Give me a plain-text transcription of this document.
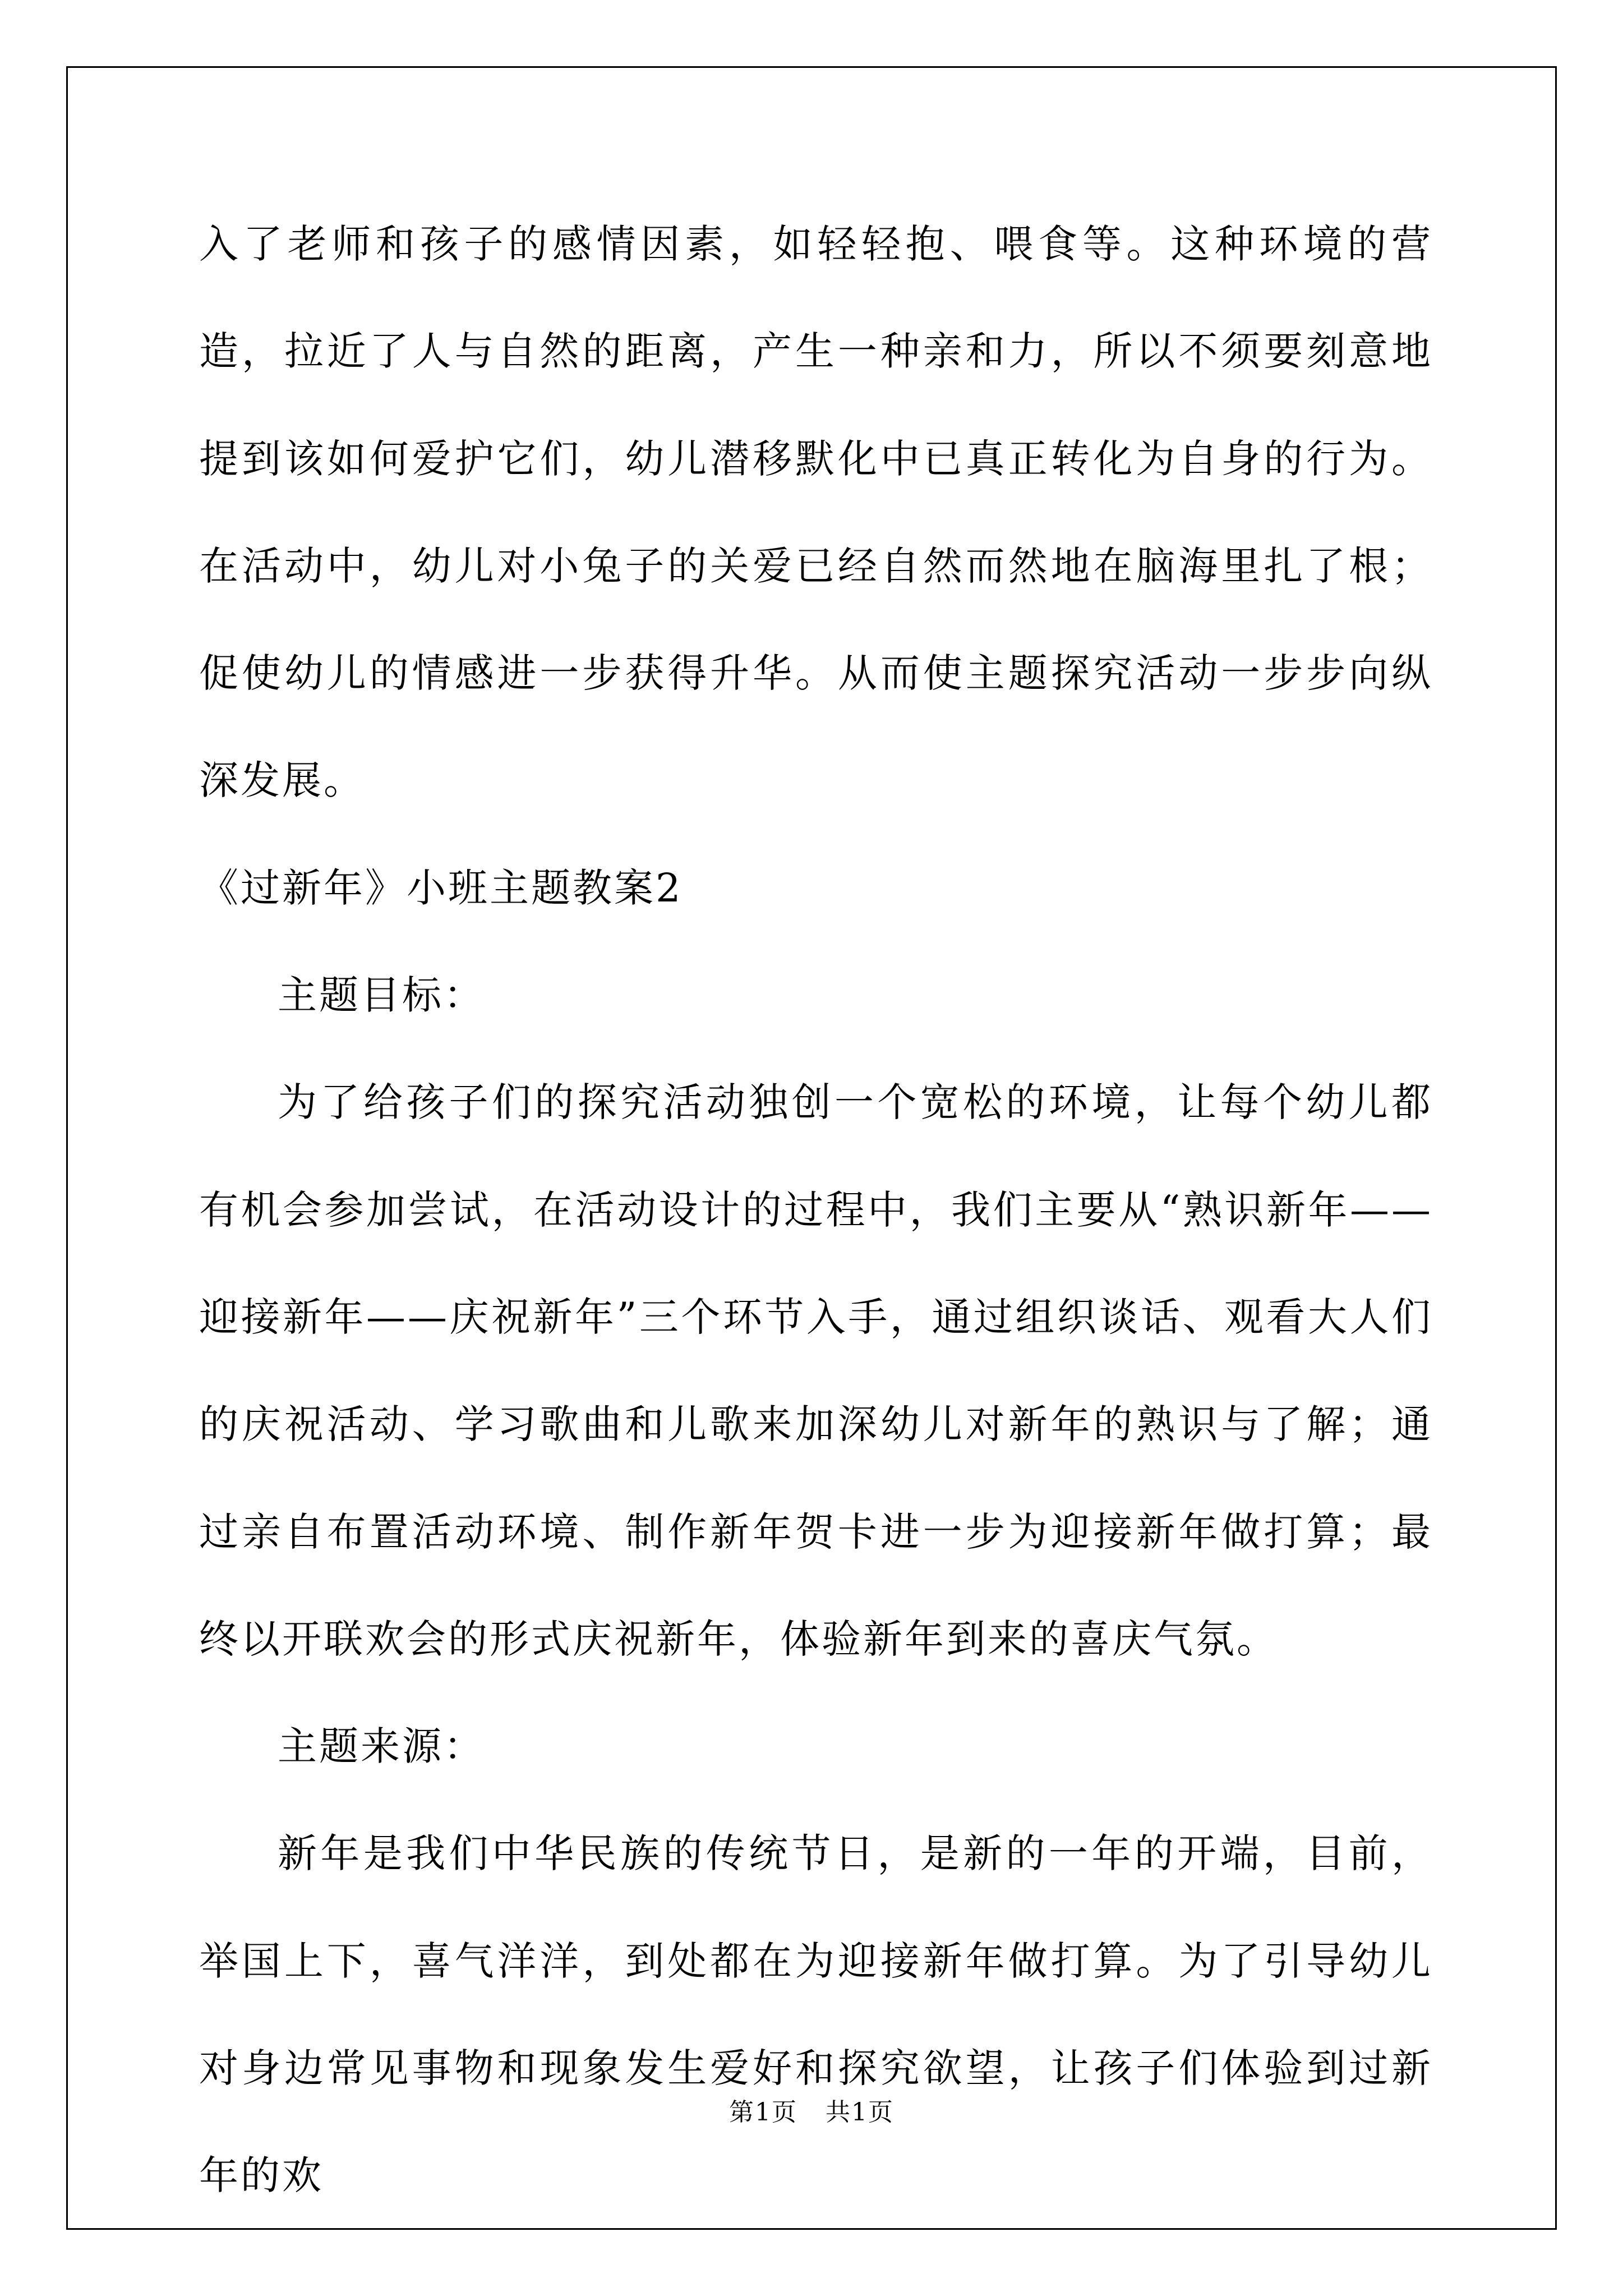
入了老师和孩子的感情因素，如轻轻抱、喂食等。这种环境的营造，拉近了人与自然的距离，产生一种亲和力，所以不须要刻意地提到该如何爱护它们，幼儿潜移默化中已真正转化为自身的行为。在活动中，幼儿对小兔子的关爱已经自然而然地在脑海里扎了根；促使幼儿的情感进一步获得升华。从而使主题探究活动一步步向纵深发展。

《过新年》小班主题教案2

主题目标：

为了给孩子们的探究活动独创一个宽松的环境，让每个幼儿都有机会参加尝试，在活动设计的过程中，我们主要从“熟识新年——迎接新年——庆祝新年”三个环节入手，通过组织谈话、观看大人们的庆祝活动、学习歌曲和儿歌来加深幼儿对新年的熟识与了解；通过亲自布置活动环境、制作新年贺卡进一步为迎接新年做打算；最终以开联欢会的形式庆祝新年，体验新年到来的喜庆气氛。

主题来源：

新年是我们中华民族的传统节日，是新的一年的开端，目前，举国上下，喜气洋洋，到处都在为迎接新年做打算。为了引导幼儿对身边常见事物和现象发生爱好和探究欲望，让孩子们体验到过新年的欢

第1页 共1页
